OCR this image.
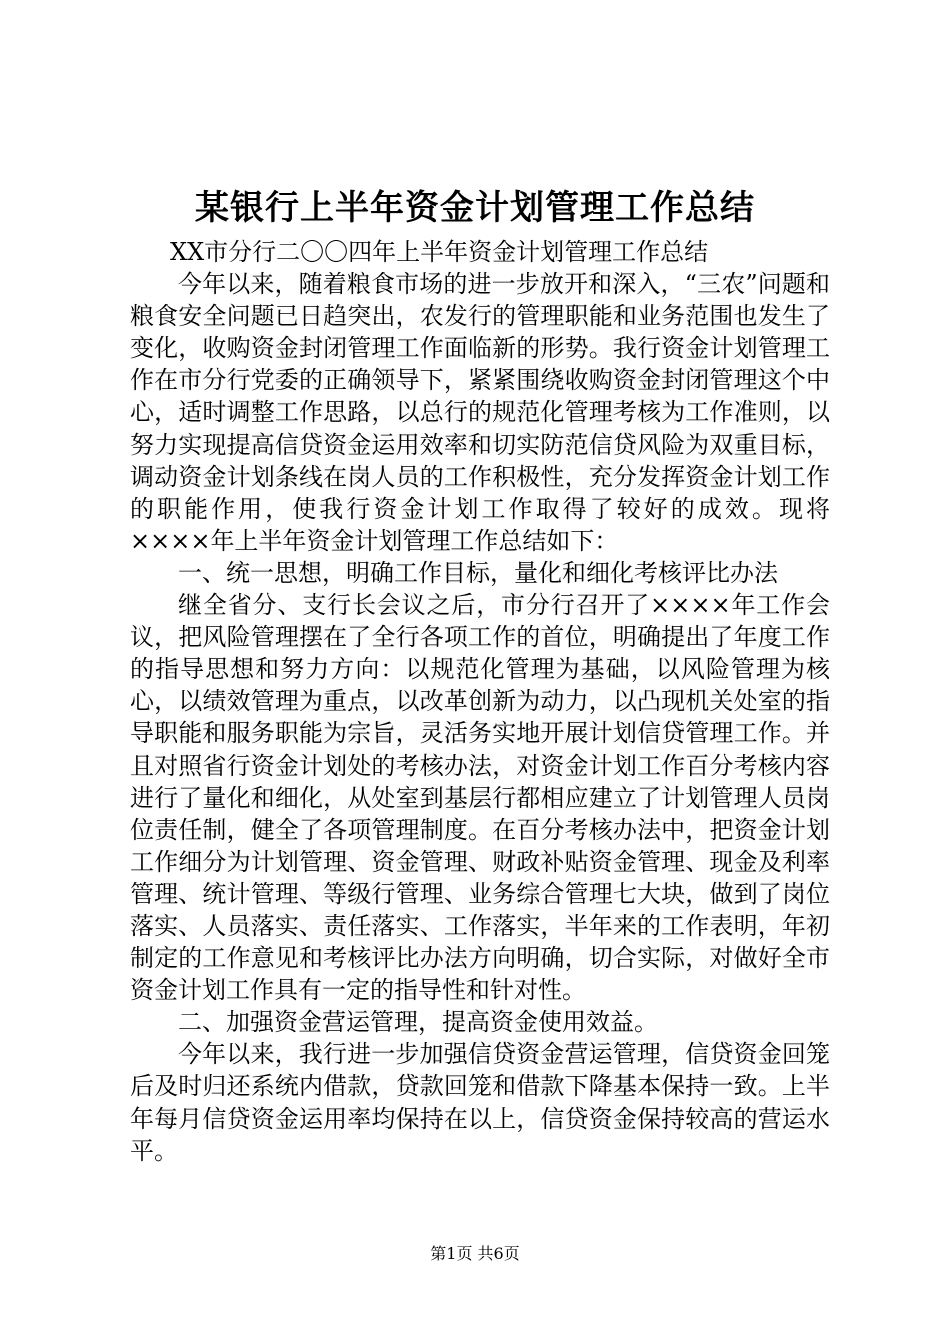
某银行上半年资金计划管理工作总结

XX市分行二〇〇四年上半年资金计划管理工作总结

今年以来，随着粮食市场的进一步放开和深入，“三农”问题和粮食安全问题已日趋突出，农发行的管理职能和业务范围也发生了变化，收购资金封闭管理工作面临新的形势。我行资金计划管理工作在市分行党委的正确领导下，紧紧围绕收购资金封闭管理这个中心，适时调整工作思路，以总行的规范化管理考核为工作准则，以努力实现提高信贷资金运用效率和切实防范信贷风险为双重目标，调动资金计划条线在岗人员的工作积极性，充分发挥资金计划工作的职能作用，使我行资金计划工作取得了较好的成效。现将××××年上半年资金计划管理工作总结如下：

一、统一思想，明确工作目标，量化和细化考核评比办法

继全省分、支行长会议之后，市分行召开了××××年工作会议，把风险管理摆在了全行各项工作的首位，明确提出了年度工作的指导思想和努力方向：以规范化管理为基础，以风险管理为核心，以绩效管理为重点，以改革创新为动力，以凸现机关处室的指导职能和服务职能为宗旨，灵活务实地开展计划信贷管理工作。并且对照省行资金计划处的考核办法，对资金计划工作百分考核内容进行了量化和细化，从处室到基层行都相应建立了计划管理人员岗位责任制，健全了各项管理制度。在百分考核办法中，把资金计划工作细分为计划管理、资金管理、财政补贴资金管理、现金及利率管理、统计管理、等级行管理、业务综合管理七大块，做到了岗位落实、人员落实、责任落实、工作落实，半年来的工作表明，年初制定的工作意见和考核评比办法方向明确，切合实际，对做好全市资金计划工作具有一定的指导性和针对性。

二、加强资金营运管理，提高资金使用效益。

今年以来，我行进一步加强信贷资金营运管理，信贷资金回笼后及时归还系统内借款，贷款回笼和借款下降基本保持一致。上半年每月信贷资金运用率均保持在以上，信贷资金保持较高的营运水平。

第1页 共6页
